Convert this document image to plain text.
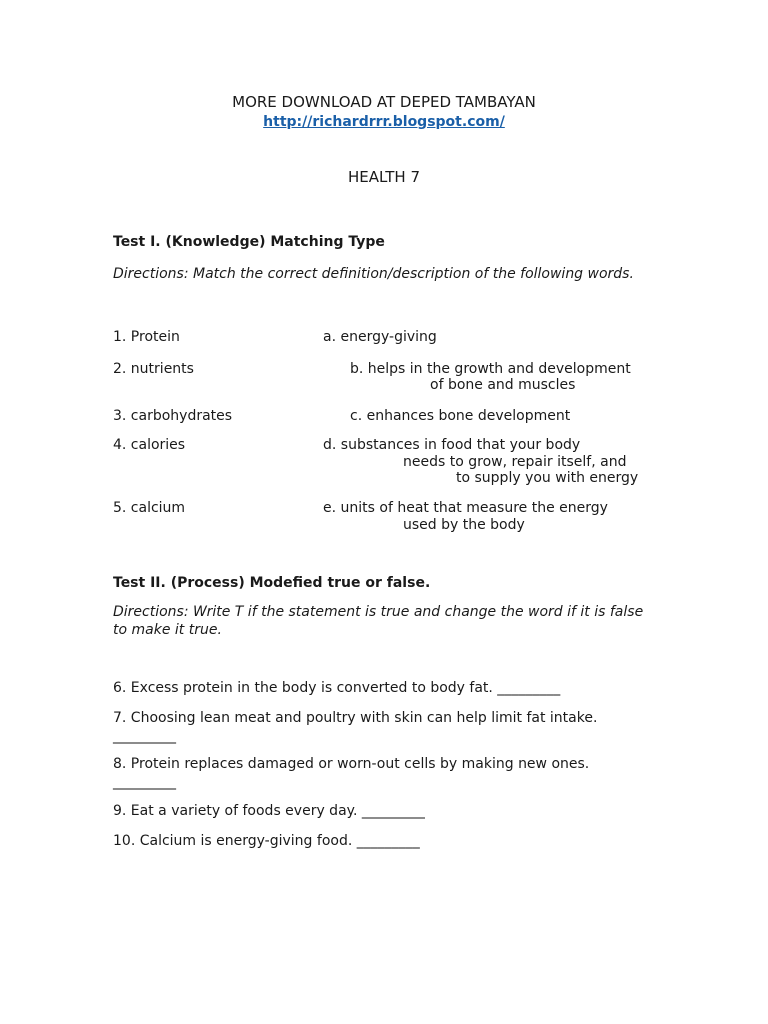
MORE DOWNLOAD AT DEPED TAMBAYAN
http://richardrrr.blogspot.com/
HEALTH 7
Test I. (Knowledge) Matching Type
Directions: Match the correct definition/description of the following words.
1. Protein	a. energy-giving
2. nutrients	b. helps in the growth and development
of bone and muscles
3. carbohydrates	c. enhances bone development
4. calories	d. substances in food that your body
needs to grow, repair itself, and
to supply you with energy
5. calcium	e. units of heat that measure the energy
used by the body
Test II. (Process) Modefied true or false.
Directions: Write T if the statement is true and change the word if it is false
to make it true.
6. Excess protein in the body is converted to body fat. _________
7. Choosing lean meat and poultry with skin can help limit fat intake.
_________
8. Protein replaces damaged or worn-out cells by making new ones.
_________
9. Eat a variety of foods every day. _________
10. Calcium is energy-giving food. _________
